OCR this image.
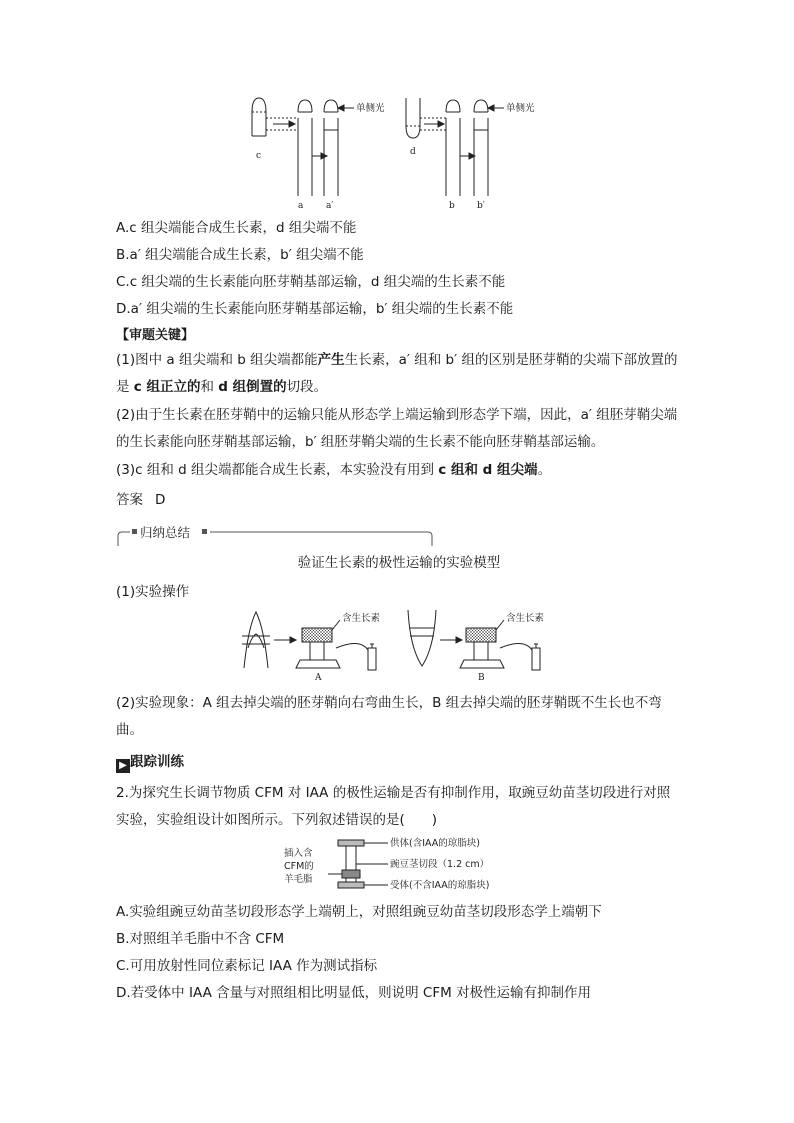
c	d
a	a′	b b′
单侧光	单侧光
A.c 组尖端能合成生长素，d 组尖端不能
B.a′ 组尖端能合成生长素，b′ 组尖端不能
C.c 组尖端的生长素能向胚芽鞘基部运输，d 组尖端的生长素不能
D.a′ 组尖端的生长素能向胚芽鞘基部运输，b′ 组尖端的生长素不能
【审题关键】
(1)图中 a 组尖端和 b 组尖端都能产生生长素，a′ 组和 b′ 组的区别是胚芽鞘的尖端下部放置的是 c 组正立的和 d 组倒置的切段。
(2)由于生长素在胚芽鞘中的运输只能从形态学上端运输到形态学下端，因此，a′ 组胚芽鞘尖端的生长素能向胚芽鞘基部运输，b′ 组胚芽鞘尖端的生长素不能向胚芽鞘基部运输。
(3)c 组和 d 组尖端都能合成生长素，本实验没有用到 c 组和 d 组尖端。
答案 D
归纳总结
验证生长素的极性运输的实验模型
(1)实验操作
含生长素	含生长素
A	B
(2)实验现象：A 组去掉尖端的胚芽鞘向右弯曲生长，B 组去掉尖端的胚芽鞘既不生长也不弯曲。
▶ 跟踪训练
2.为探究生长调节物质 CFM 对 IAA 的极性运输是否有抑制作用，取豌豆幼苗茎切段进行对照实验，实验组设计如图所示。下列叙述错误的是(　　)
插入含
CFM的
羊毛脂
供体(含IAA的琼脂块)
豌豆茎切段（1.2 cm）
受体(不含IAA的琼脂块)
A.实验组豌豆幼苗茎切段形态学上端朝上，对照组豌豆幼苗茎切段形态学上端朝下
B.对照组羊毛脂中不含 CFM
C.可用放射性同位素标记 IAA 作为测试指标
D.若受体中 IAA 含量与对照组相比明显低，则说明 CFM 对极性运输有抑制作用
